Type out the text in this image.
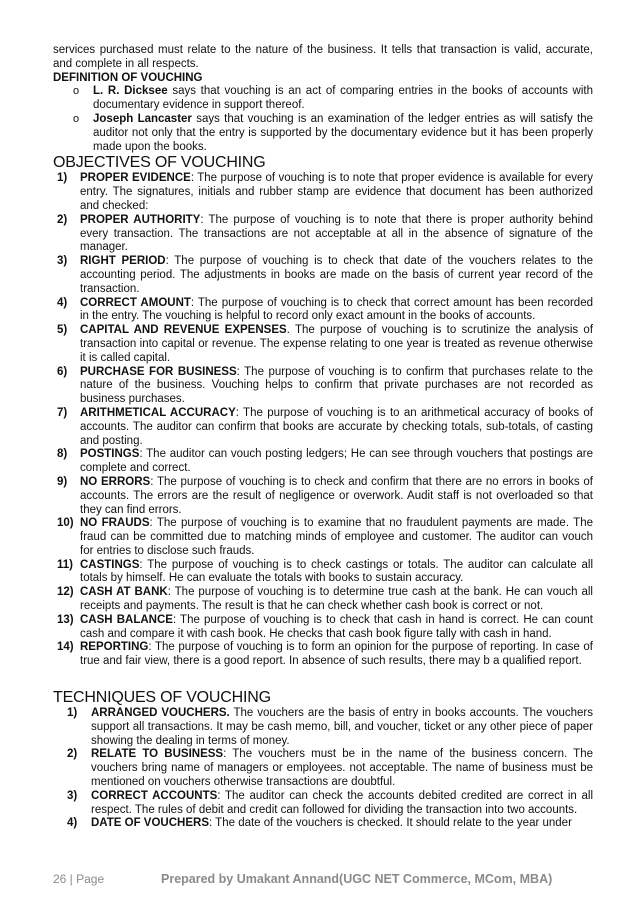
services purchased must relate to the nature of the business. It tells that transaction is valid, accurate, and complete in all respects.

DEFINITION OF VOUCHING

o L. R. Dicksee says that vouching is an act of comparing entries in the books of accounts with documentary evidence in support thereof.
o Joseph Lancaster says that vouching is an examination of the ledger entries as will satisfy the auditor not only that the entry is supported by the documentary evidence but it has been properly made upon the books.
OBJECTIVES OF VOUCHING
1) PROPER EVIDENCE: The purpose of vouching is to note that proper evidence is available for every entry. The signatures, initials and rubber stamp are evidence that document has been authorized and checked:
2) PROPER AUTHORITY: The purpose of vouching is to note that there is proper authority behind every transaction. The transactions are not acceptable at all in the absence of signature of the manager.
3) RIGHT PERIOD: The purpose of vouching is to check that date of the vouchers relates to the accounting period. The adjustments in books are made on the basis of current year record of the transaction.
4) CORRECT AMOUNT: The purpose of vouching is to check that correct amount has been recorded in the entry. The vouching is helpful to record only exact amount in the books of accounts.
5) CAPITAL AND REVENUE EXPENSES. The purpose of vouching is to scrutinize the analysis of transaction into capital or revenue. The expense relating to one year is treated as revenue otherwise it is called capital.
6) PURCHASE FOR BUSINESS: The purpose of vouching is to confirm that purchases relate to the nature of the business. Vouching helps to confirm that private purchases are not recorded as business purchases.
7) ARITHMETICAL ACCURACY: The purpose of vouching is to an arithmetical accuracy of books of accounts. The auditor can confirm that books are accurate by checking totals, sub-totals, of casting and posting.
8) POSTINGS: The auditor can vouch posting ledgers; He can see through vouchers that postings are complete and correct.
9) NO ERRORS: The purpose of vouching is to check and confirm that there are no errors in books of accounts. The errors are the result of negligence or overwork. Audit staff is not overloaded so that they can find errors.
10) NO FRAUDS: The purpose of vouching is to examine that no fraudulent payments are made. The fraud can be committed due to matching minds of employee and customer. The auditor can vouch for entries to disclose such frauds.
11) CASTINGS: The purpose of vouching is to check castings or totals. The auditor can calculate all totals by himself. He can evaluate the totals with books to sustain accuracy.
12) CASH AT BANK: The purpose of vouching is to determine true cash at the bank. He can vouch all receipts and payments. The result is that he can check whether cash book is correct or not.
13) CASH BALANCE: The purpose of vouching is to check that cash in hand is correct. He can count cash and compare it with cash book. He checks that cash book figure tally with cash in hand.
14) REPORTING: The purpose of vouching is to form an opinion for the purpose of reporting. In case of true and fair view, there is a good report. In absence of such results, there may b a qualified report.
TECHNIQUES OF VOUCHING
1) ARRANGED VOUCHERS. The vouchers are the basis of entry in books accounts. The vouchers support all transactions. It may be cash memo, bill, and voucher, ticket or any other piece of paper showing the dealing in terms of money.
2) RELATE TO BUSINESS: The vouchers must be in the name of the business concern. The vouchers bring name of managers or employees. not acceptable. The name of business must be mentioned on vouchers otherwise transactions are doubtful.
3) CORRECT ACCOUNTS: The auditor can check the accounts debited credited are correct in all respect. The rules of debit and credit can followed for dividing the transaction into two accounts.
4) DATE OF VOUCHERS: The date of the vouchers is checked. It should relate to the year under
26 | Page	Prepared by Umakant Annand(UGC NET Commerce, MCom, MBA)
